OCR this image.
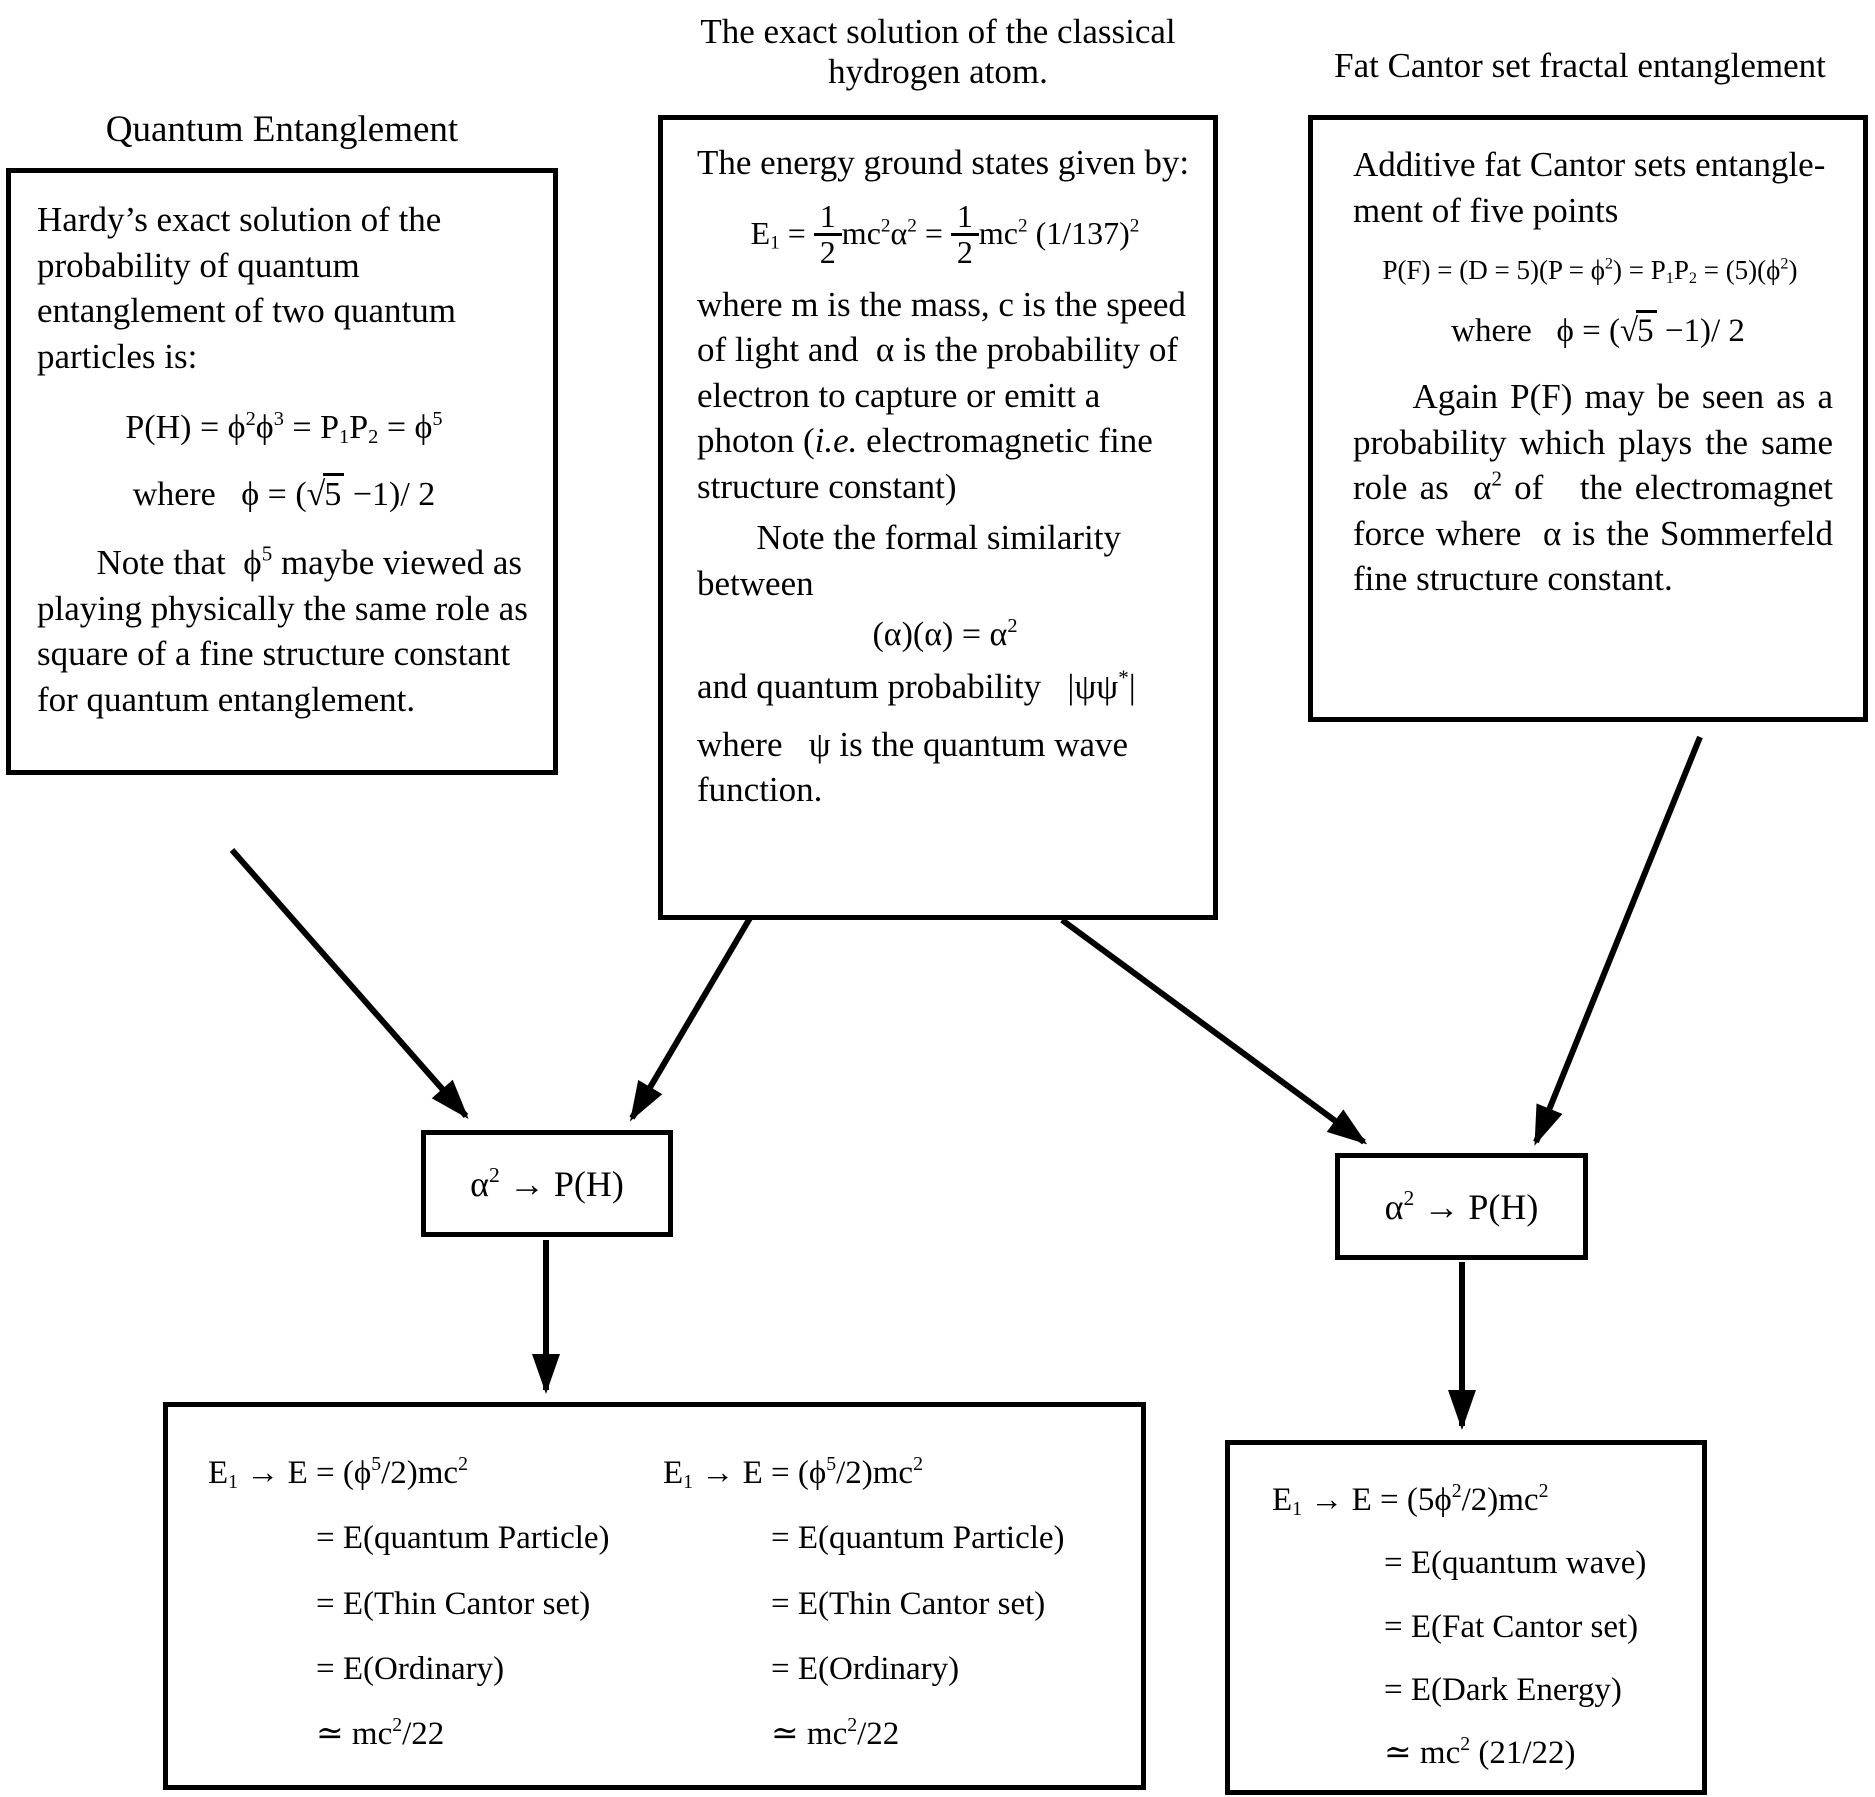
Quantum Entanglement

Hardy’s exact solution of the probability of quantum entanglement of two quantum particles is:

$P(H) = \phi^2\phi^3 = P_1P_2 = \phi^5$
where   ϕ = (√5 −1)/ 2

Note that  $\phi^5$ maybe viewed as playing physically the same role as square of a fine structure constant for quantum entanglement.

The exact solution of the classical
hydrogen atom.

The energy ground states given by:

$E_1 = \frac{1}{2} mc^2\alpha^2 = \frac{1}{2} mc^2$ $(1/137)^2$

where m is the mass, c is the speed of light and  α is the probability of electron to capture or emitt a photon (i.e. electromagnetic fine structure constant)

Note the formal similarity between

$(\alpha)(\alpha) = \alpha^2$

and quantum probability   |ψψ*|

where   ψ is the quantum wave function.

Fat Cantor set fractal entanglement

Additive fat Cantor sets entangle- ment of five points

$P(F) = (D = 5)(P = \phi^2) = P_1P_2 = (5)(\phi^2)$
where   ϕ = (√5 −1)/ 2

Again P(F) may be seen as a probability which plays the same role as  $\alpha^2$ of   the electromagnet force where  α is the Sommerfeld fine structure constant.

$\alpha^2 \to P(H)$
$\alpha^2 \to P(H)$
$E_1 \to E = (\phi^5/2)mc^2$
= E(quantum Particle)
= E(Thin Cantor set)
= E(Ordinary)
≃ $mc^2/22$
$E_1 \to E = (\phi^5/2)mc^2$
= E(quantum Particle)
= E(Thin Cantor set)
= E(Ordinary)
≃ $mc^2/22$
$E_1 \to E = (5\phi^2/2)mc^2$
= E(quantum wave)
= E(Fat Cantor set)
= E(Dark Energy)
≃ $mc^2$ (21/22)
